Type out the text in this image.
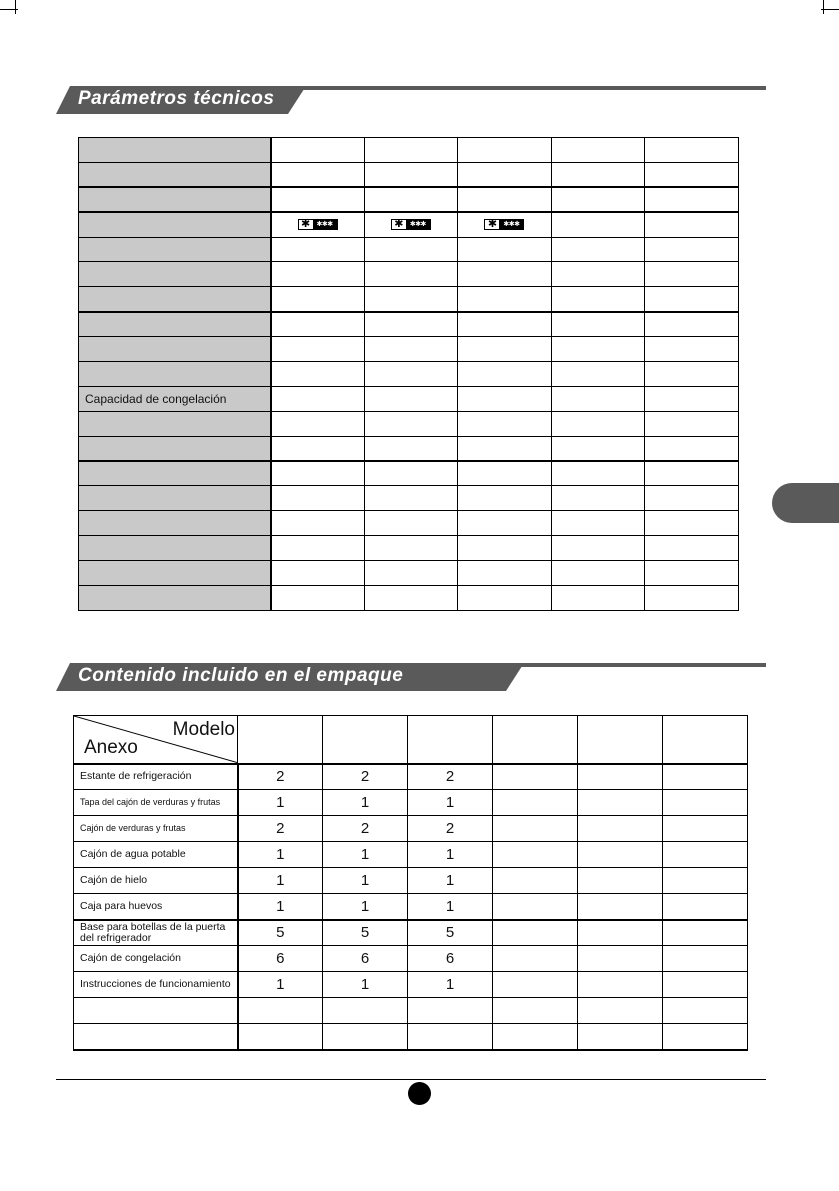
Parámetros técnicos

	✱ ✱✱✱	✱ ✱✱✱	✱ ✱✱✱		

Capacidad de congelación					

Contenido incluido en el empaque
Modelo
Anexo						

Estante de refrigeración	2	2	2			
Tapa del cajón de verduras y frutas	1	1	1			
Cajón de verduras y frutas	2	2	2			
Cajón de agua potable	1	1	1			
Cajón de hielo	1	1	1			
Caja para huevos	1	1	1			
Base para botellas de la puerta del refrigerador	5	5	5			
Cajón de congelación	6	6	6			
Instrucciones de funcionamiento	1	1	1			
